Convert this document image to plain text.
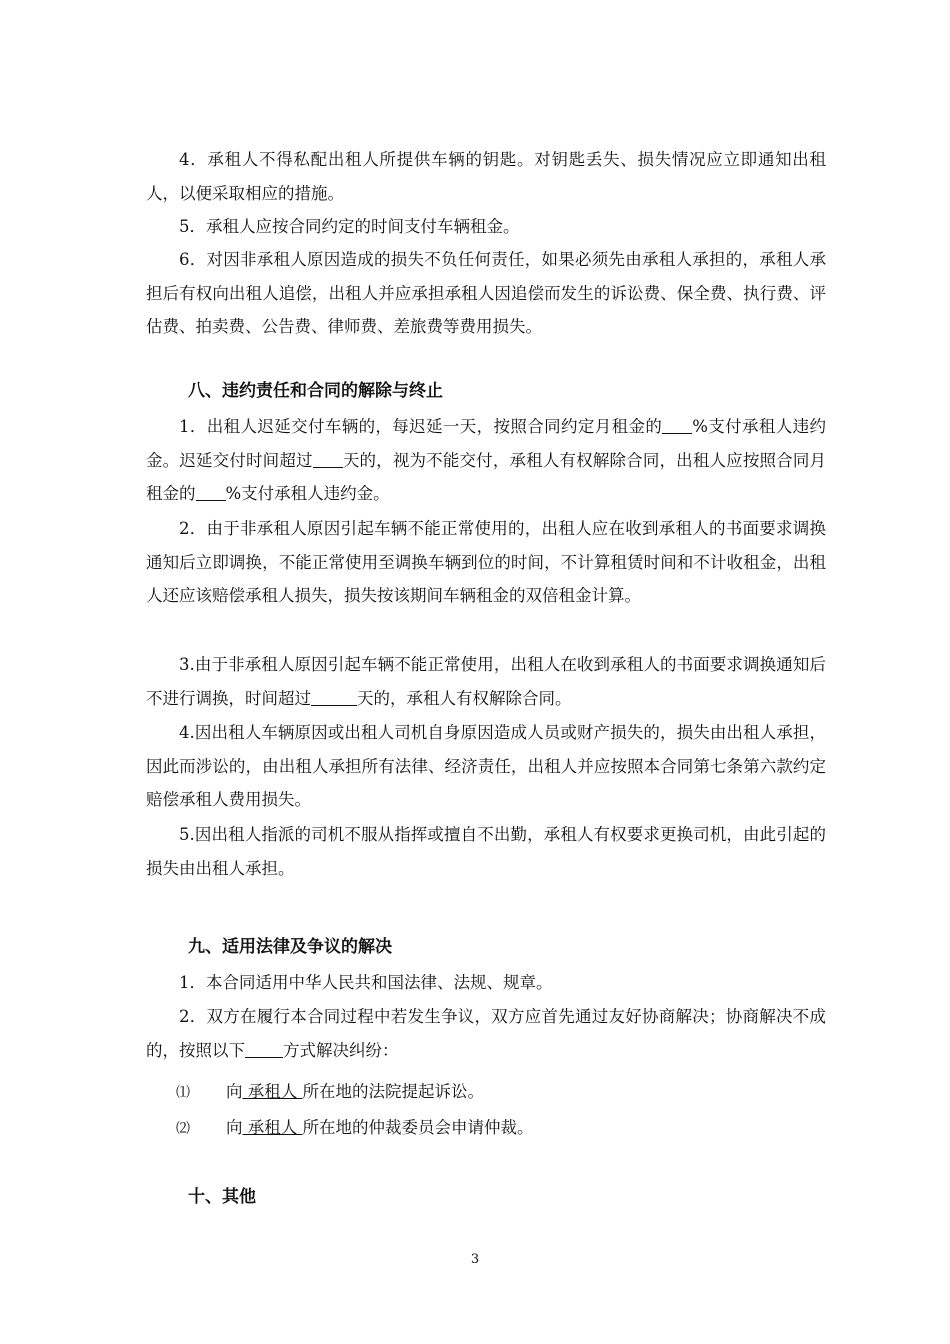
4．承租人不得私配出租人所提供车辆的钥匙。对钥匙丢失、损失情况应立即通知出租人，以便采取相应的措施。

5．承租人应按合同约定的时间支付车辆租金。

6．对因非承租人原因造成的损失不负任何责任，如果必须先由承租人承担的，承租人承担后有权向出租人追偿，出租人并应承担承租人因追偿而发生的诉讼费、保全费、执行费、评估费、拍卖费、公告费、律师费、差旅费等费用损失。

八、违约责任和合同的解除与终止

1．出租人迟延交付车辆的，每迟延一天，按照合同约定月租金的 %支付承租人违约金。迟延交付时间超过 天的，视为不能交付，承租人有权解除合同，出租人应按照合同月租金的 %支付承租人违约金。

2．由于非承租人原因引起车辆不能正常使用的，出租人应在收到承租人的书面要求调换通知后立即调换，不能正常使用至调换车辆到位的时间，不计算租赁时间和不计收租金，出租人还应该赔偿承租人损失，损失按该期间车辆租金的双倍租金计算。

3.由于非承租人原因引起车辆不能正常使用，出租人在收到承租人的书面要求调换通知后不进行调换，时间超过	天的，承租人有权解除合同。

4.因出租人车辆原因或出租人司机自身原因造成人员或财产损失的，损失由出租人承担，因此而涉讼的，由出租人承担所有法律、经济责任，出租人并应按照本合同第七条第六款约定赔偿承租人费用损失。

5.因出租人指派的司机不服从指挥或擅自不出勤，承租人有权要求更换司机，由此引起的损失由出租人承担。

九、适用法律及争议的解决

1．本合同适用中华人民共和国法律、法规、规章。

2．双方在履行本合同过程中若发生争议，双方应首先通过友好协商解决；协商解决不成的，按照以下 方式解决纠纷：

⑴ 向 承租人 所在地的法院提起诉讼。

⑵ 向 承租人 所在地的仲裁委员会申请仲裁。

十、其他
3
